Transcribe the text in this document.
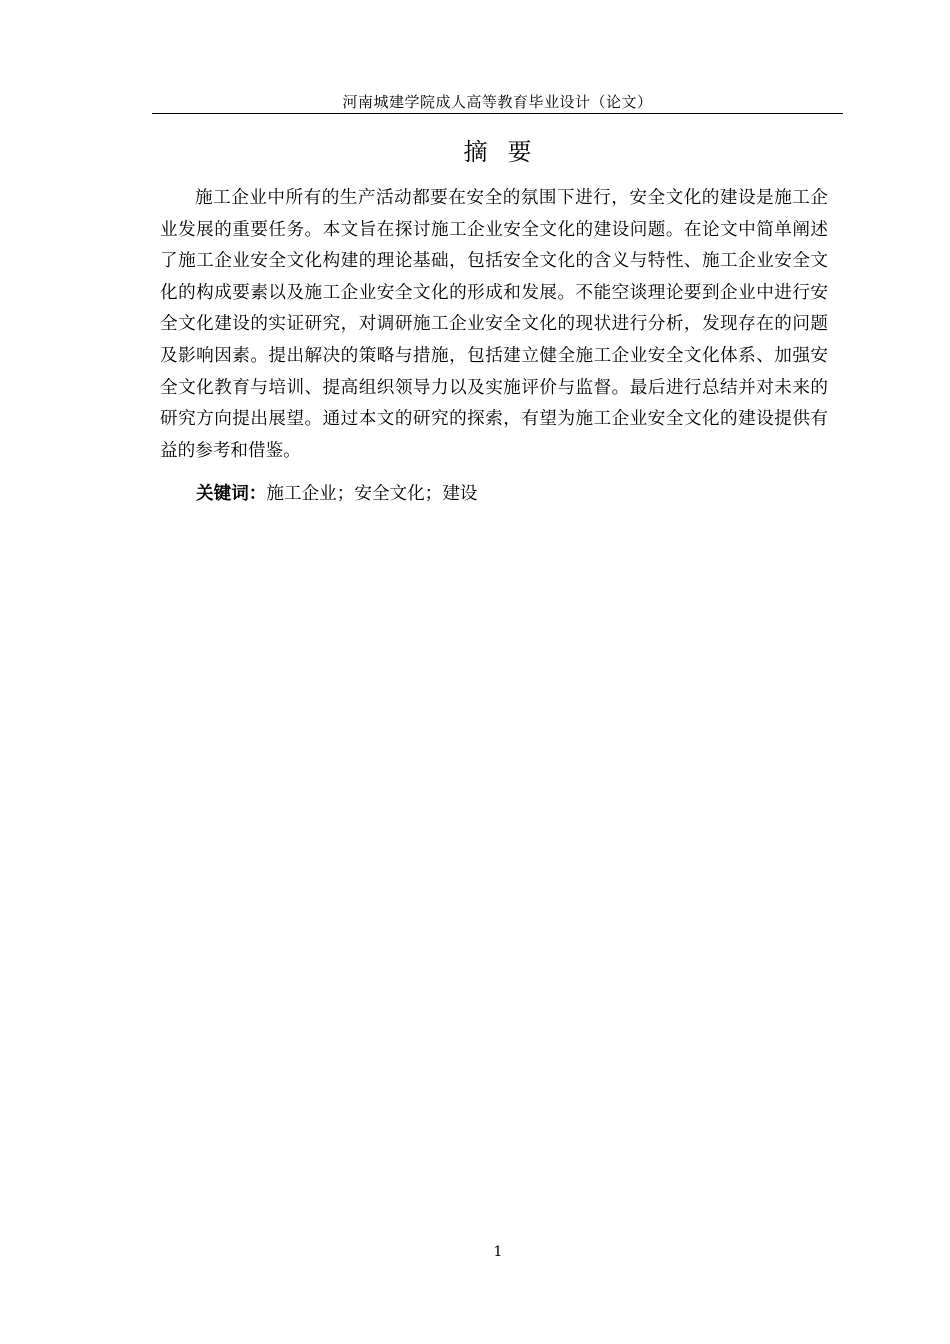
河南城建学院成人高等教育毕业设计（论文）
摘要

施工企业中所有的生产活动都要在安全的氛围下进行，安全文化的建设是施工企业发展的重要任务。本文旨在探讨施工企业安全文化的建设问题。在论文中简单阐述了施工企业安全文化构建的理论基础，包括安全文化的含义与特性、施工企业安全文化的构成要素以及施工企业安全文化的形成和发展。不能空谈理论要到企业中进行安全文化建设的实证研究，对调研施工企业安全文化的现状进行分析，发现存在的问题及影响因素。提出解决的策略与措施，包括建立健全施工企业安全文化体系、加强安全文化教育与培训、提高组织领导力以及实施评价与监督。最后进行总结并对未来的研究方向提出展望。通过本文的研究的探索，有望为施工企业安全文化的建设提供有益的参考和借鉴。

关键词：施工企业；安全文化；建设
1
